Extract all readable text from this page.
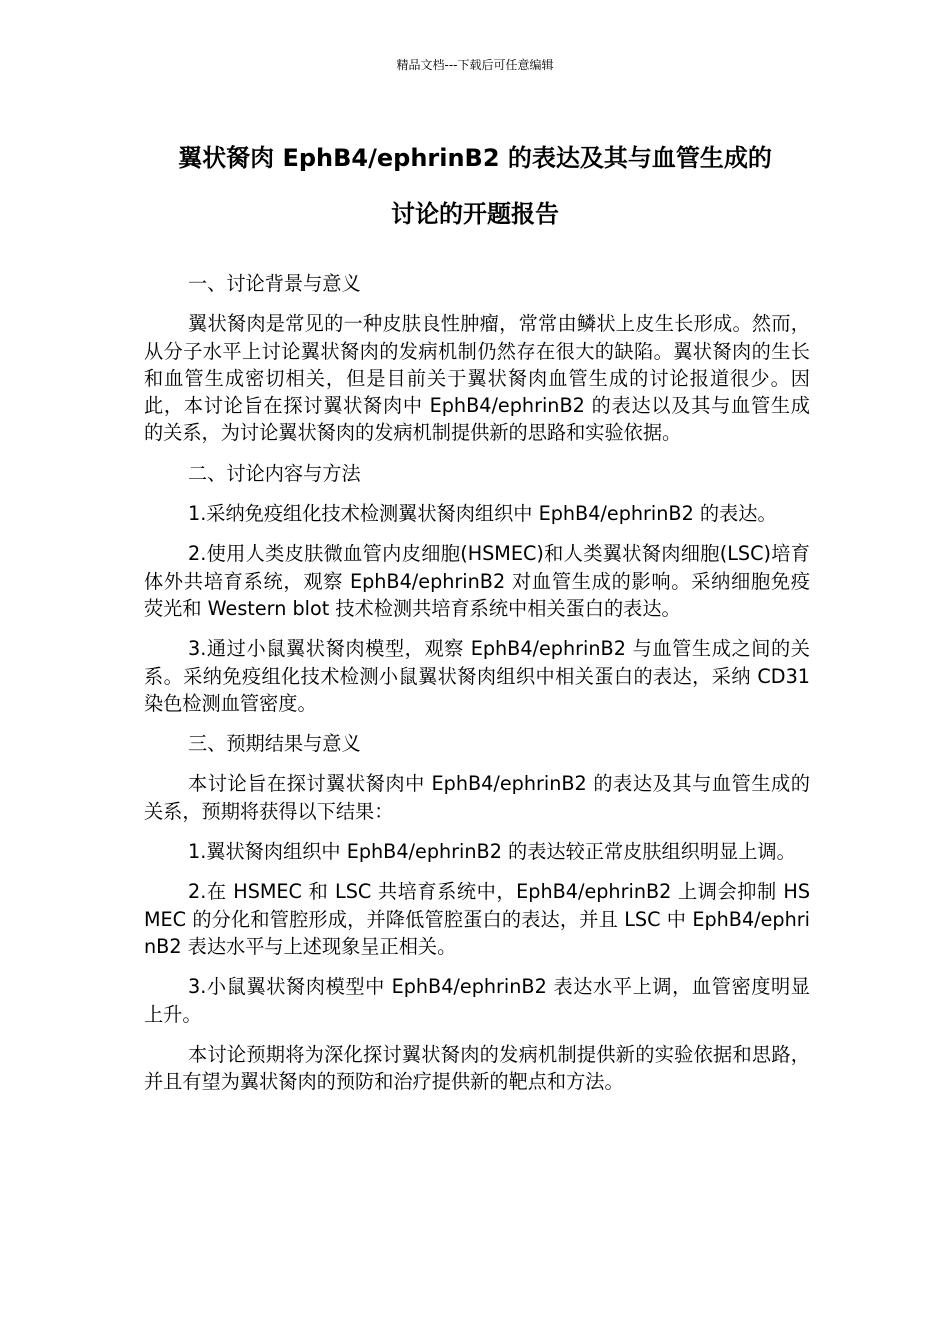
精品文档---下载后可任意编辑
翼状胬肉 EphB4/ephrinB2 的表达及其与血管生成的
讨论的开题报告

一、讨论背景与意义

翼状胬肉是常见的一种皮肤良性肿瘤，常常由鳞状上皮生长形成。然而，从分子水平上讨论翼状胬肉的发病机制仍然存在很大的缺陷。翼状胬肉的生长和血管生成密切相关，但是目前关于翼状胬肉血管生成的讨论报道很少。因此，本讨论旨在探讨翼状胬肉中 EphB4/ephrinB2 的表达以及其与血管生成的关系，为讨论翼状胬肉的发病机制提供新的思路和实验依据。

二、讨论内容与方法

1.采纳免疫组化技术检测翼状胬肉组织中 EphB4/ephrinB2 的表达。

2.使用人类皮肤微血管内皮细胞(HSMEC)和人类翼状胬肉细胞(LSC)培育体外共培育系统，观察 EphB4/ephrinB2 对血管生成的影响。采纳细胞免疫荧光和 Western blot 技术检测共培育系统中相关蛋白的表达。

3.通过小鼠翼状胬肉模型，观察 EphB4/ephrinB2 与血管生成之间的关系。采纳免疫组化技术检测小鼠翼状胬肉组织中相关蛋白的表达，采纳 CD31 染色检测血管密度。

三、预期结果与意义

本讨论旨在探讨翼状胬肉中 EphB4/ephrinB2 的表达及其与血管生成的关系，预期将获得以下结果：

1.翼状胬肉组织中 EphB4/ephrinB2 的表达较正常皮肤组织明显上调。

2.在 HSMEC 和 LSC 共培育系统中，EphB4/ephrinB2 上调会抑制 HSMEC 的分化和管腔形成，并降低管腔蛋白的表达，并且 LSC 中 EphB4/ephrinB2 表达水平与上述现象呈正相关。

3.小鼠翼状胬肉模型中 EphB4/ephrinB2 表达水平上调，血管密度明显上升。

本讨论预期将为深化探讨翼状胬肉的发病机制提供新的实验依据和思路，并且有望为翼状胬肉的预防和治疗提供新的靶点和方法。
